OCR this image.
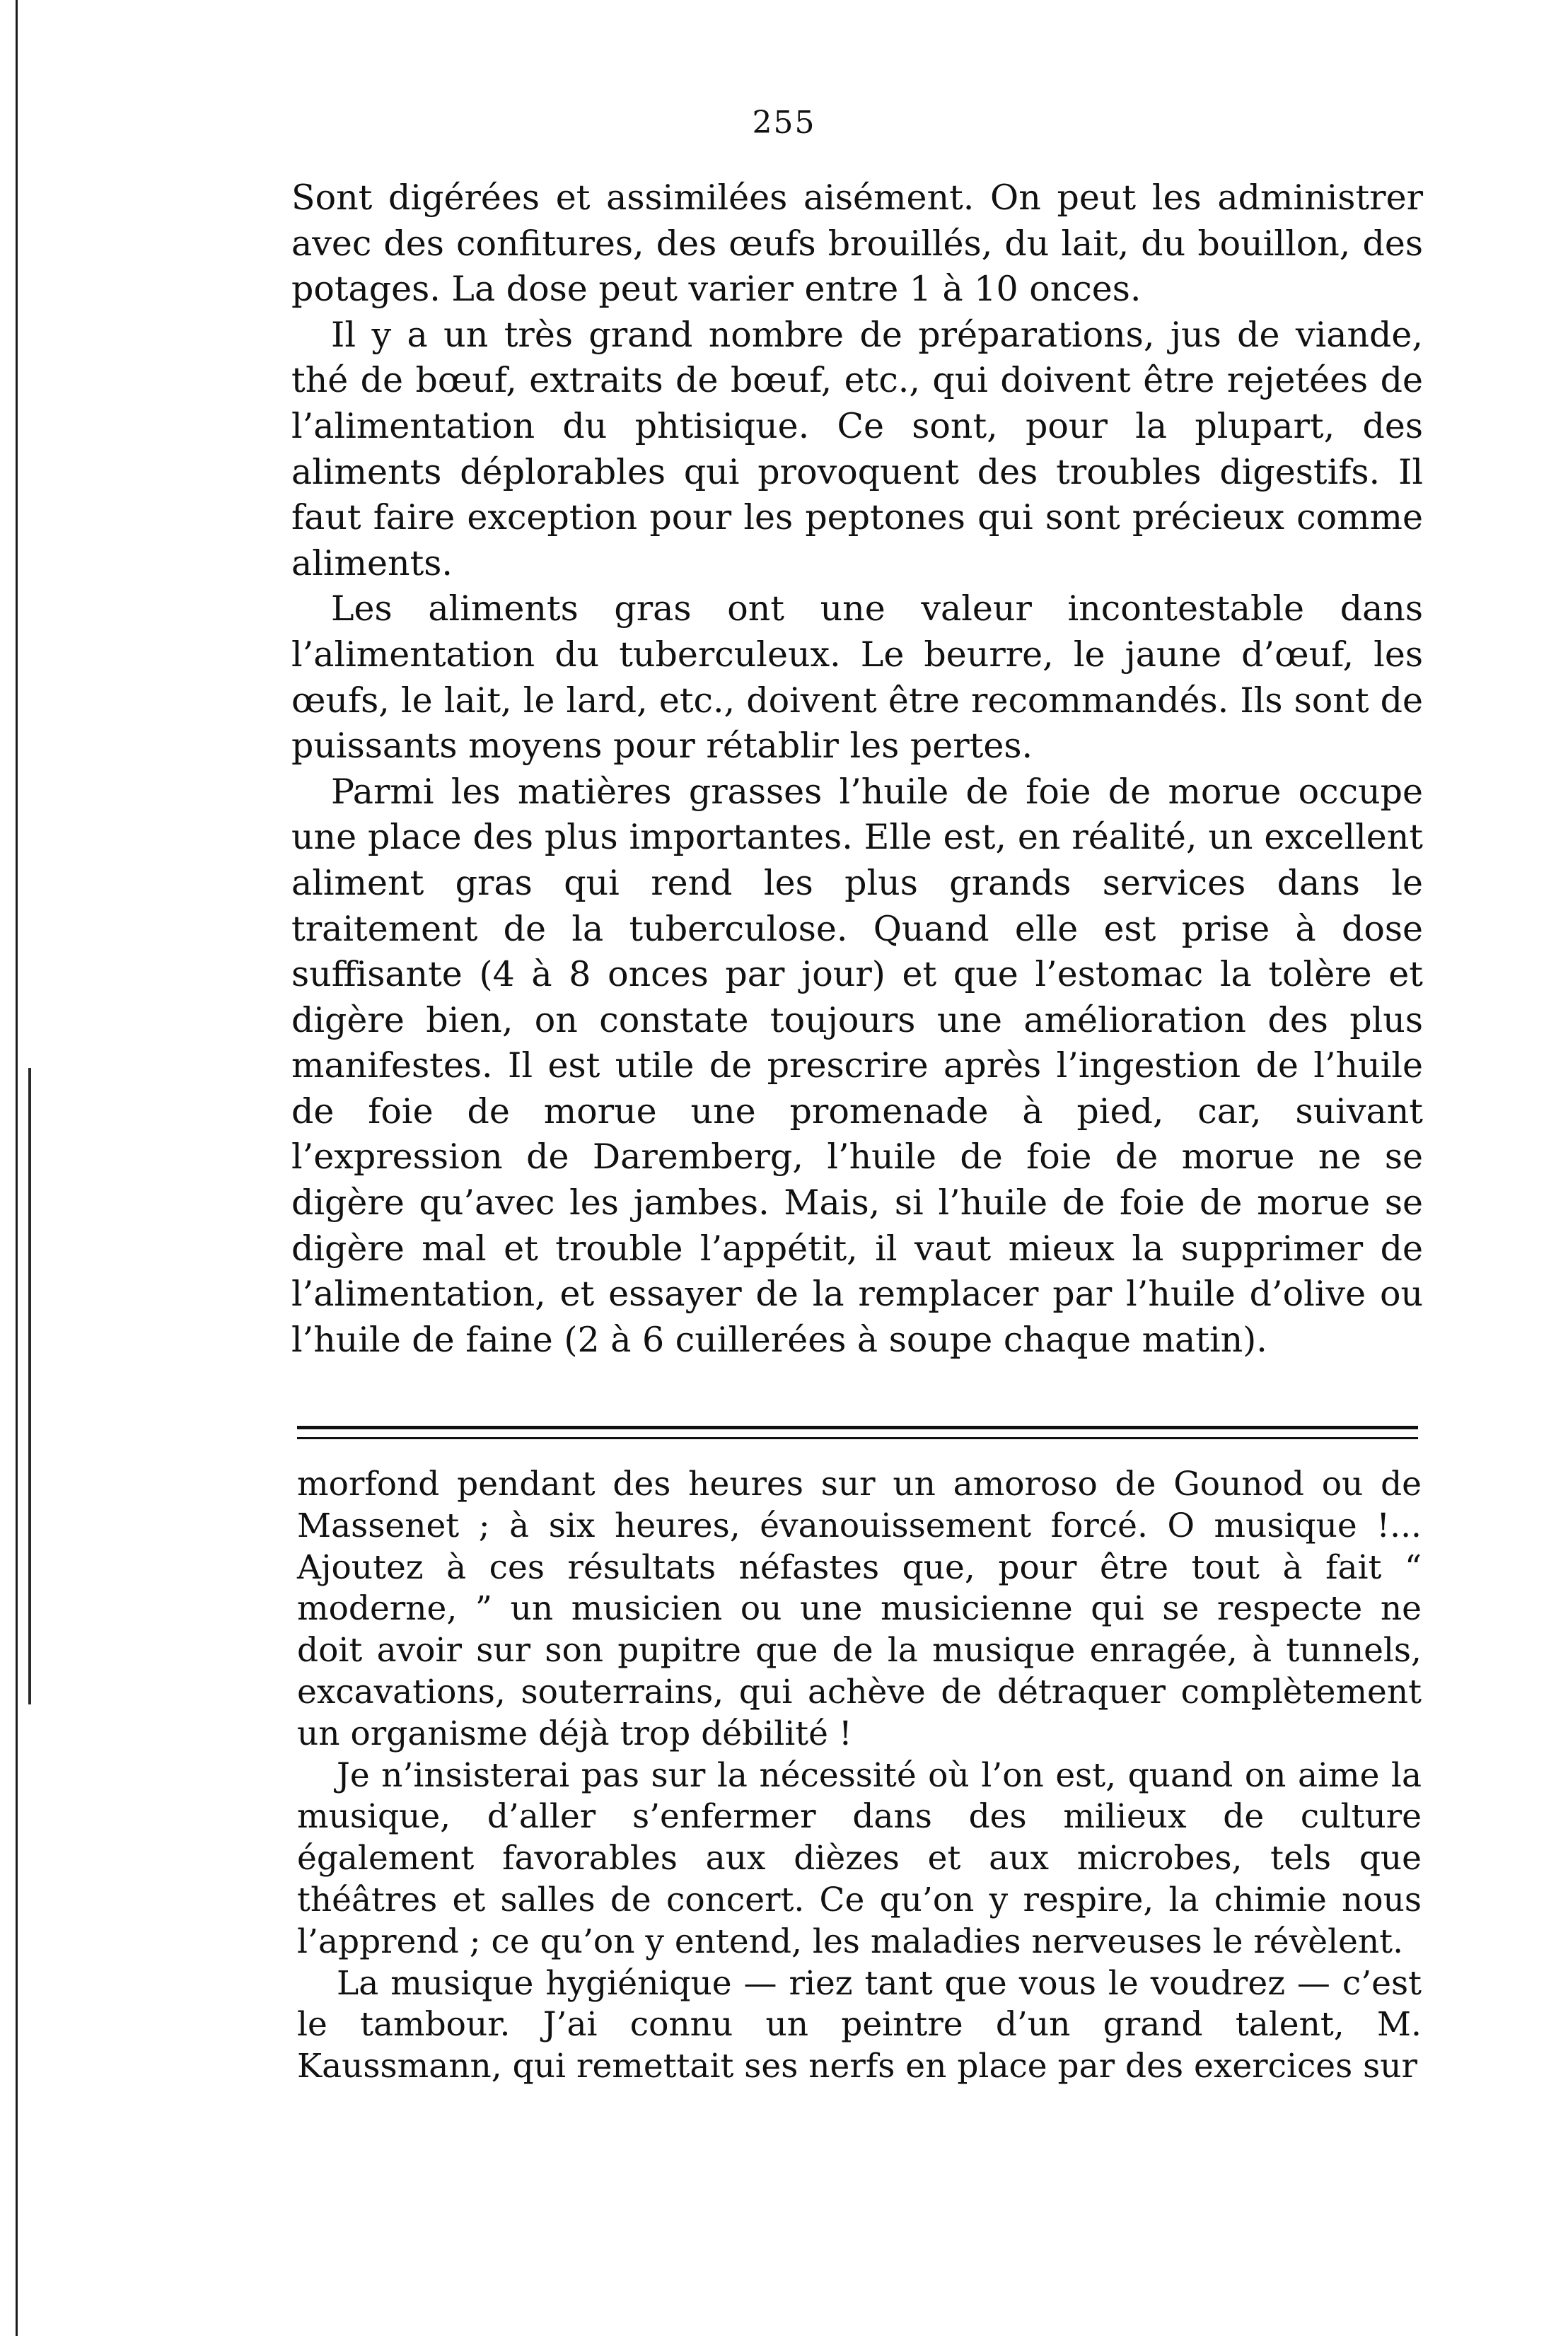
255

Sont digérées et assimilées aisément. On peut les administrer avec des confitures, des œufs brouillés, du lait, du bouillon, des potages. La dose peut varier entre 1 à 10 onces.

Il y a un très grand nombre de préparations, jus de viande, thé de bœuf, extraits de bœuf, etc., qui doivent être rejetées de l’alimentation du phtisique. Ce sont, pour la plupart, des aliments déplorables qui provoquent des troubles digestifs. Il faut faire exception pour les peptones qui sont précieux comme aliments.

Les aliments gras ont une valeur incontestable dans l’alimentation du tuberculeux. Le beurre, le jaune d’œuf, les œufs, le lait, le lard, etc., doivent être recommandés. Ils sont de puissants moyens pour rétablir les pertes.

Parmi les matières grasses l’huile de foie de morue occupe une place des plus importantes. Elle est, en réalité, un excellent aliment gras qui rend les plus grands services dans le traitement de la tuberculose. Quand elle est prise à dose suffisante (4 à 8 onces par jour) et que l’estomac la tolère et digère bien, on constate toujours une amélioration des plus manifestes. Il est utile de prescrire après l’ingestion de l’huile de foie de morue une promenade à pied, car, suivant l’expression de Daremberg, l’huile de foie de morue ne se digère qu’avec les jambes. Mais, si l’huile de foie de morue se digère mal et trouble l’appétit, il vaut mieux la supprimer de l’alimentation, et essayer de la remplacer par l’huile d’olive ou l’huile de faine (2 à 6 cuillerées à soupe chaque matin).

morfond pendant des heures sur un amoroso de Gounod ou de Massenet ; à six heures, évanouissement forcé. O musique !... Ajoutez à ces résultats néfastes que, pour être tout à fait “ moderne, ” un musicien ou une musicienne qui se respecte ne doit avoir sur son pupitre que de la musique enragée, à tunnels, excavations, souterrains, qui achève de détraquer complètement un organisme déjà trop débilité !

Je n’insisterai pas sur la nécessité où l’on est, quand on aime la musique, d’aller s’enfermer dans des milieux de culture également favorables aux dièzes et aux microbes, tels que théâtres et salles de concert. Ce qu’on y respire, la chimie nous l’apprend ; ce qu’on y entend, les maladies nerveuses le révèlent.

La musique hygiénique — riez tant que vous le voudrez — c’est le tambour. J’ai connu un peintre d’un grand talent, M. Kaussmann, qui remettait ses nerfs en place par des exercices sur
